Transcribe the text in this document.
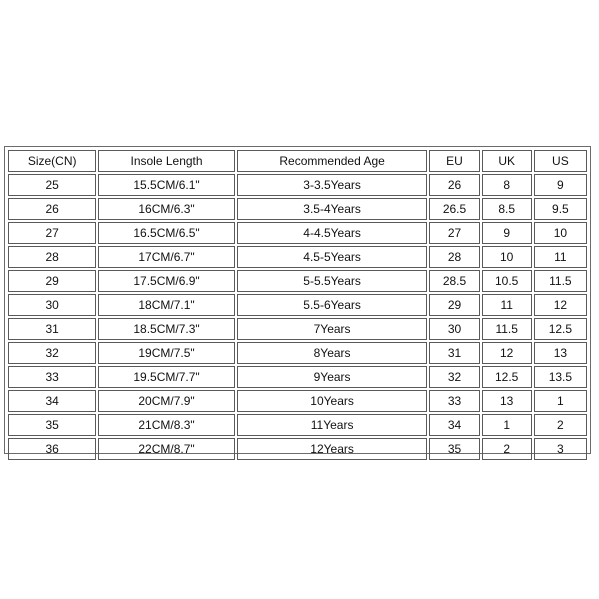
Size(CN)	Insole Length	Recommended Age	EU	UK	US
25	15.5CM/6.1"	3-3.5Years	26	8	9
26	16CM/6.3"	3.5-4Years	26.5	8.5	9.5
27	16.5CM/6.5"	4-4.5Years	27	9	10
28	17CM/6.7"	4.5-5Years	28	10	11
29	17.5CM/6.9"	5-5.5Years	28.5	10.5	11.5
30	18CM/7.1"	5.5-6Years	29	11	12
31	18.5CM/7.3"	7Years	30	11.5	12.5
32	19CM/7.5"	8Years	31	12	13
33	19.5CM/7.7"	9Years	32	12.5	13.5
34	20CM/7.9"	10Years	33	13	1
35	21CM/8.3"	11Years	34	1	2
36	22CM/8.7"	12Years	35	2	3
